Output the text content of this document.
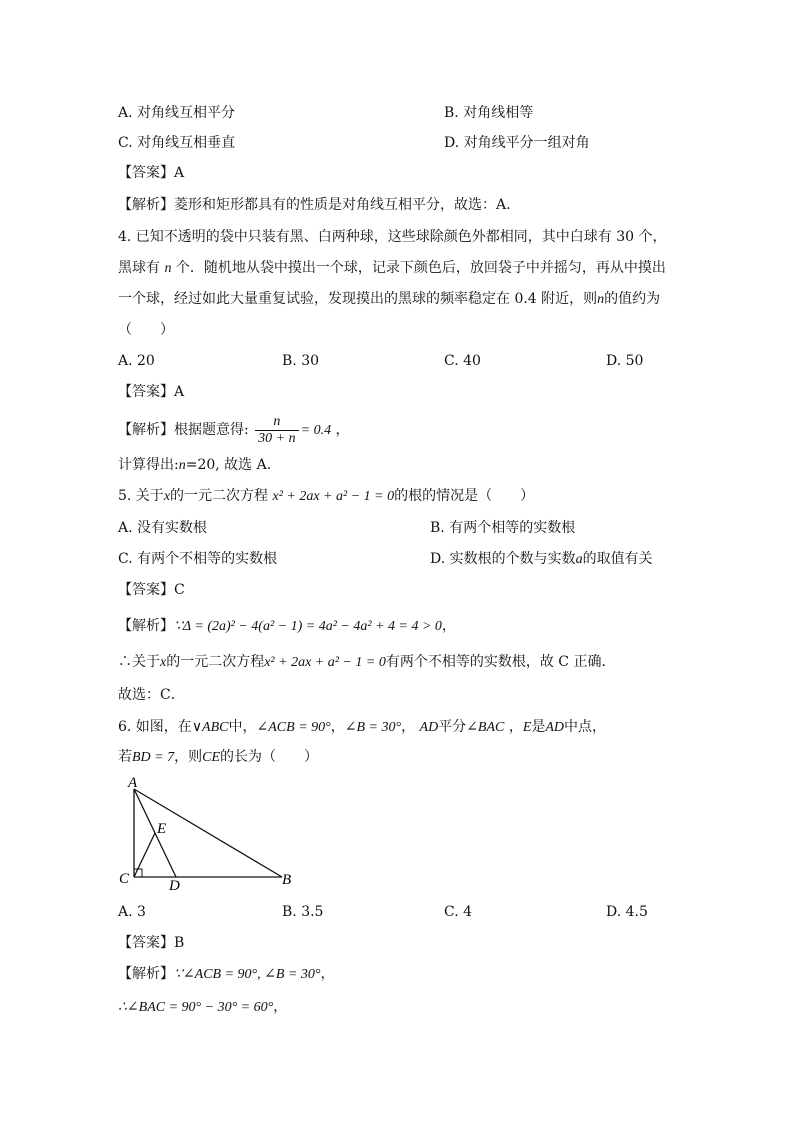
A. 对角线互相平分	B. 对角线相等
C. 对角线互相垂直	D. 对角线平分一组对角
【答案】A
【解析】菱形和矩形都具有的性质是对角线互相平分，故选：A.
4. 已知不透明的袋中只装有黑、白两种球，这些球除颜色外都相同，其中白球有 30 个，
黑球有 n 个．随机地从袋中摸出一个球，记录下颜色后，放回袋子中并摇匀，再从中摸出
一个球，经过如此大量重复试验，发现摸出的黑球的频率稳定在 0.4 附近，则n的值约为
（　　）
A. 20	B. 30	C. 40	D. 50
【答案】A
【解析】根据题意得: $\frac{n}{30 + n} = 0.4$ ，
计算得出:n=20, 故选 A.
5. 关于x的一元二次方程 x² + 2ax + a² − 1 = 0的根的情况是（　　）
A. 没有实数根	B. 有两个相等的实数根
C. 有两个不相等的实数根	D. 实数根的个数与实数a的取值有关
【答案】C
【解析】∵Δ = (2a)² − 4(a² − 1) = 4a² − 4a² + 4 = 4 > 0，
∴关于x的一元二次方程x² + 2ax + a² − 1 = 0有两个不相等的实数根，故 C 正确．
故选：C．
6. 如图，在∨ABC中，∠ACB = 90°，∠B = 30°， AD平分∠BAC ，E是AD中点，
若BD = 7，则CE的长为（　　）
A
E
C	D	B
A. 3	B. 3.5	C. 4	D. 4.5
【答案】B
【解析】∵∠ACB = 90°, ∠B = 30°，
∴∠BAC = 90° − 30° = 60°，
